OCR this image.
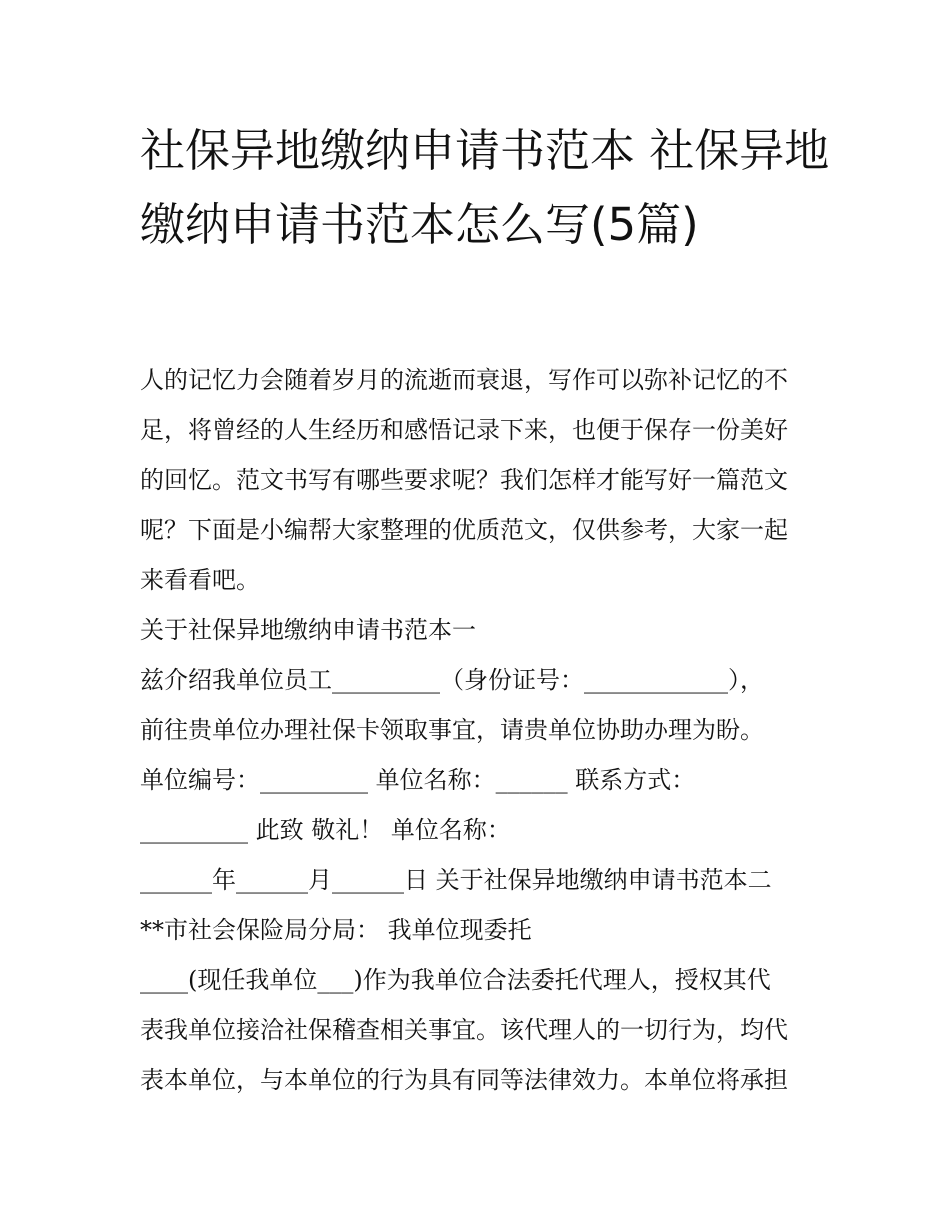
社保异地缴纳申请书范本 社保异地缴纳申请书范本怎么写(5篇)
人的记忆力会随着岁月的流逝而衰退，写作可以弥补记忆的不
足，将曾经的人生经历和感悟记录下来，也便于保存一份美好
的回忆。范文书写有哪些要求呢？我们怎样才能写好一篇范文
呢？下面是小编帮大家整理的优质范文，仅供参考，大家一起
来看看吧。
关于社保异地缴纳申请书范本一
兹介绍我单位员工_________（身份证号：____________），
前往贵单位办理社保卡领取事宜，请贵单位协助办理为盼。
单位编号：_________ 单位名称：______ 联系方式：
_________ 此致 敬礼！ 单位名称：
______年______月______日 关于社保异地缴纳申请书范本二
**市社会保险局分局： 我单位现委托
____(现任我单位___)作为我单位合法委托代理人，授权其代
表我单位接洽社保稽查相关事宜。该代理人的一切行为，均代
表本单位，与本单位的行为具有同等法律效力。本单位将承担
